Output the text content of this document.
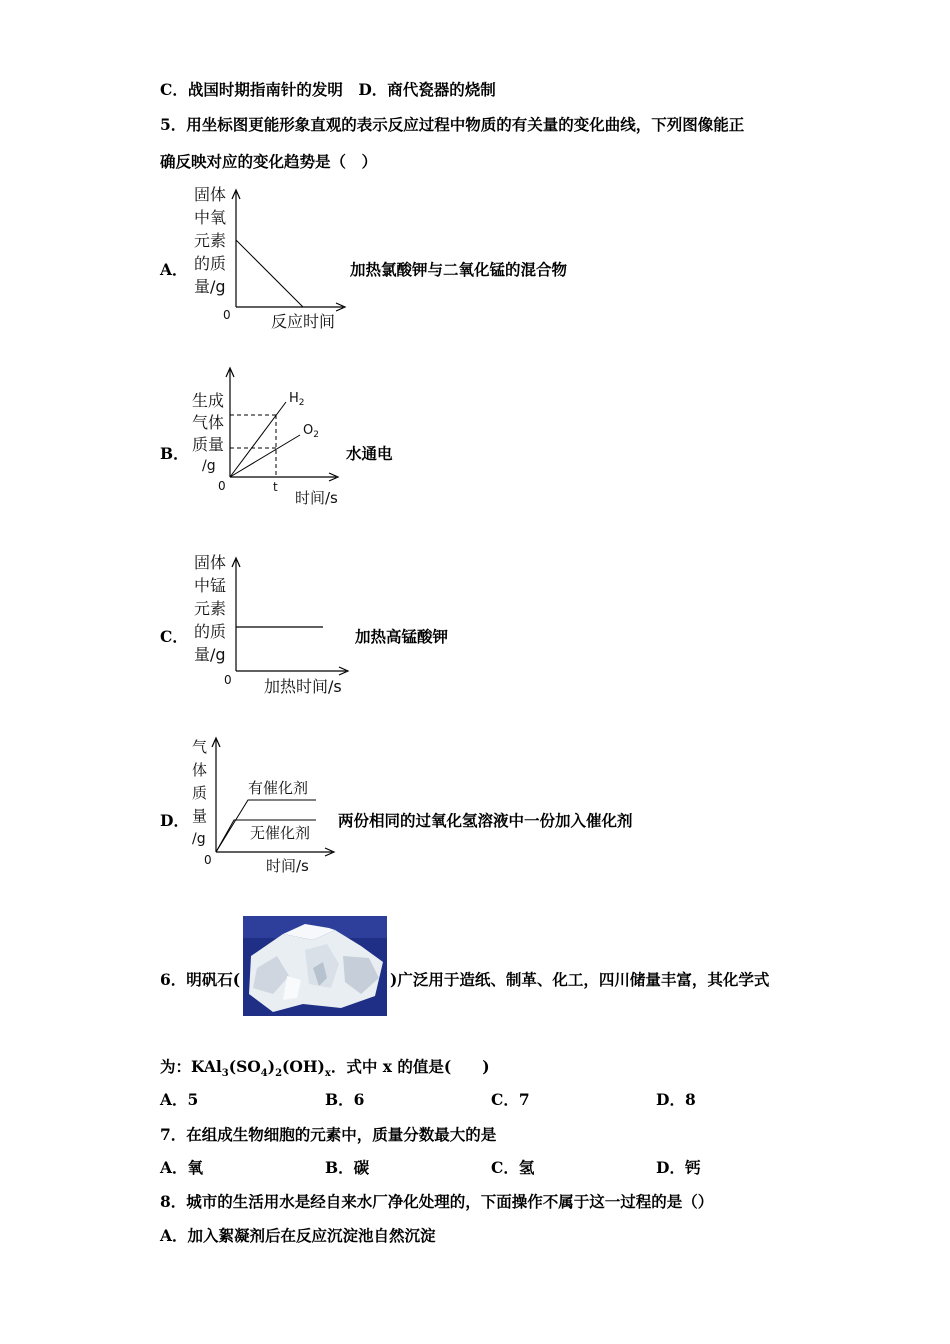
C．战国时期指南针的发明　D．商代瓷器的烧制
5．用坐标图更能形象直观的表示反应过程中物质的有关量的变化曲线，下列图像能正
确反映对应的变化趋势是（　）
A．
固体
中氧
元素
的质
量/g
0	反应时间
加热氯酸钾与二氧化锰的混合物
B．
生成
气体
质量
/g
$H_2$
$O_2$
0	t
时间/s
水通电
C．
固体
中锰
元素
的质
量/g
0 加热时间/s
加热高锰酸钾
D．
气
体
质
量
/g
有催化剂
无催化剂
0	时间/s
两份相同的过氧化氢溶液中一份加入催化剂
6．明矾石(	)广泛用于造纸、制革、化工，四川储量丰富，其化学式
为：$KAl_3(SO_4)_2(OH)_x$．式中 x 的值是(　　)
A．5	B．6	C．7	D．8
7．在组成生物细胞的元素中，质量分数最大的是
A．氧	B．碳	C．氢	D．钙
8．城市的生活用水是经自来水厂净化处理的，下面操作不属于这一过程的是（）
A．加入絮凝剂后在反应沉淀池自然沉淀
